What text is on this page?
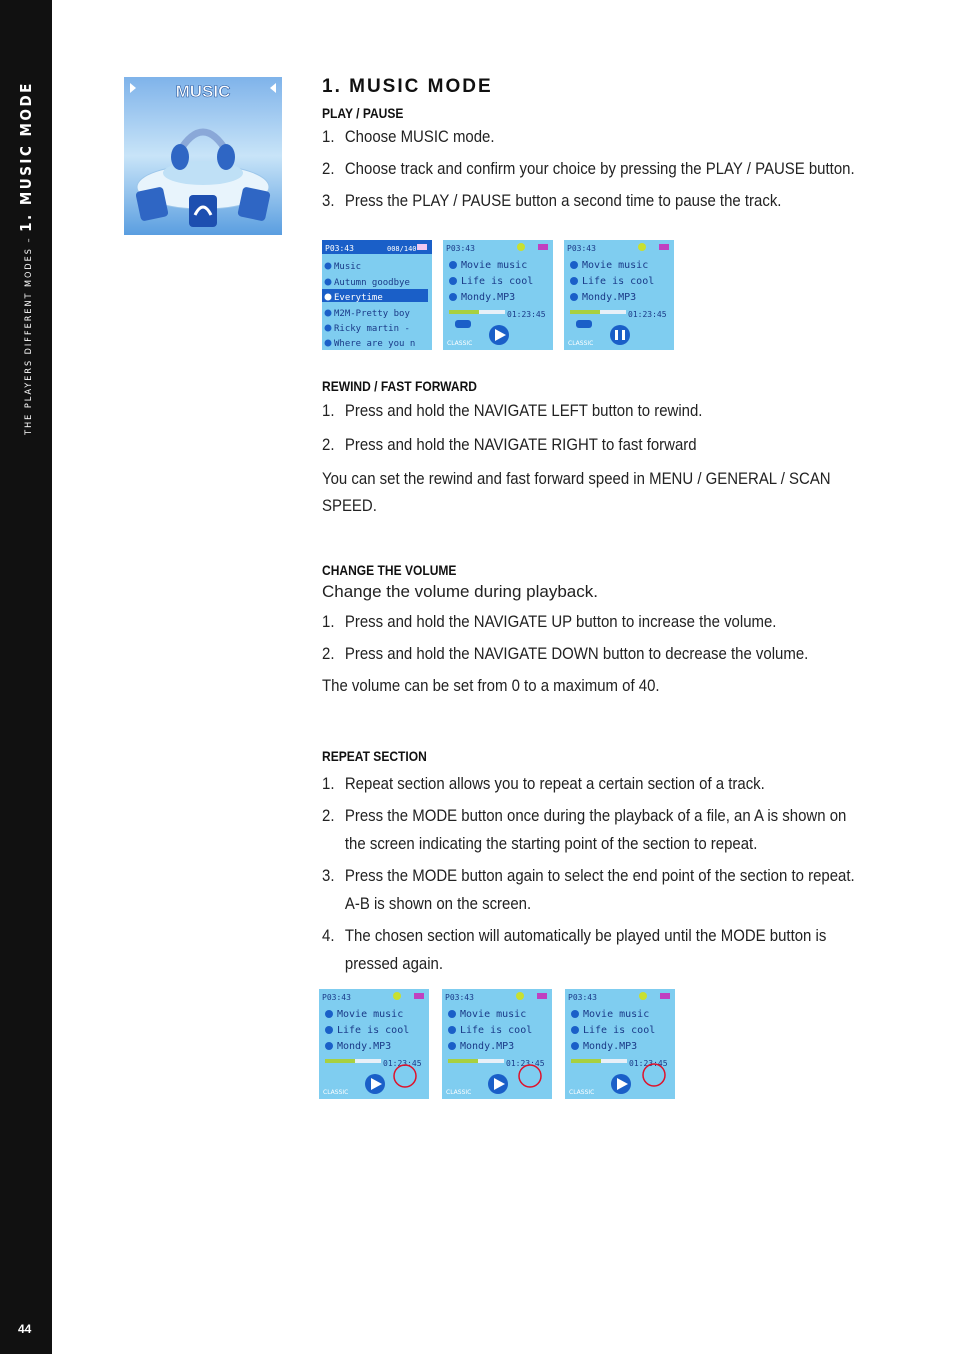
THE PLAYERS DIFFERENT MODES – 1. MUSIC MODE
44
MUSIC	1. MUSIC MODE
PLAY / PAUSE
1. Choose MUSIC mode.
2. Choose track and confirm your choice by pressing the PLAY / PAUSE button.
3. Press the PLAY / PAUSE button a second time to pause the track.
P03:43	008/140
Music
Autumn goodbye
Everytime
M2M-Pretty boy
Ricky martin -
Where are you n
P03:43
Movie music
Life is cool
Mondy.MP3
01:23:45
CLASSIC
P03:43
Movie music
Life is cool
Mondy.MP3
01:23:45
CLASSIC
REWIND / FAST FORWARD
1. Press and hold the NAVIGATE LEFT button to rewind.
2. Press and hold the NAVIGATE RIGHT to fast forward
You can set the rewind and fast forward speed in MENU / GENERAL / SCAN SPEED.
CHANGE THE VOLUME
Change the volume during playback.
1. Press and hold the NAVIGATE UP button to increase the volume.
2. Press and hold the NAVIGATE DOWN button to decrease the volume.
The volume can be set from 0 to a maximum of 40.
REPEAT SECTION
1. Repeat section allows you to repeat a certain section of a track.
2. Press the MODE button once during the playback of a file, an A is shown on the screen indicating the starting point of the section to repeat.
3. Press the MODE button again to select the end point of the section to repeat. A-B is shown on the screen.
4. The chosen section will automatically be played until the MODE button is pressed again.
P03:43
Movie music
Life is cool
Mondy.MP3
01:23:45
CLASSIC
P03:43
Movie music
Life is cool
Mondy.MP3
01:23:45
CLASSIC
P03:43
Movie music
Life is cool
Mondy.MP3
01:23:45
CLASSIC
